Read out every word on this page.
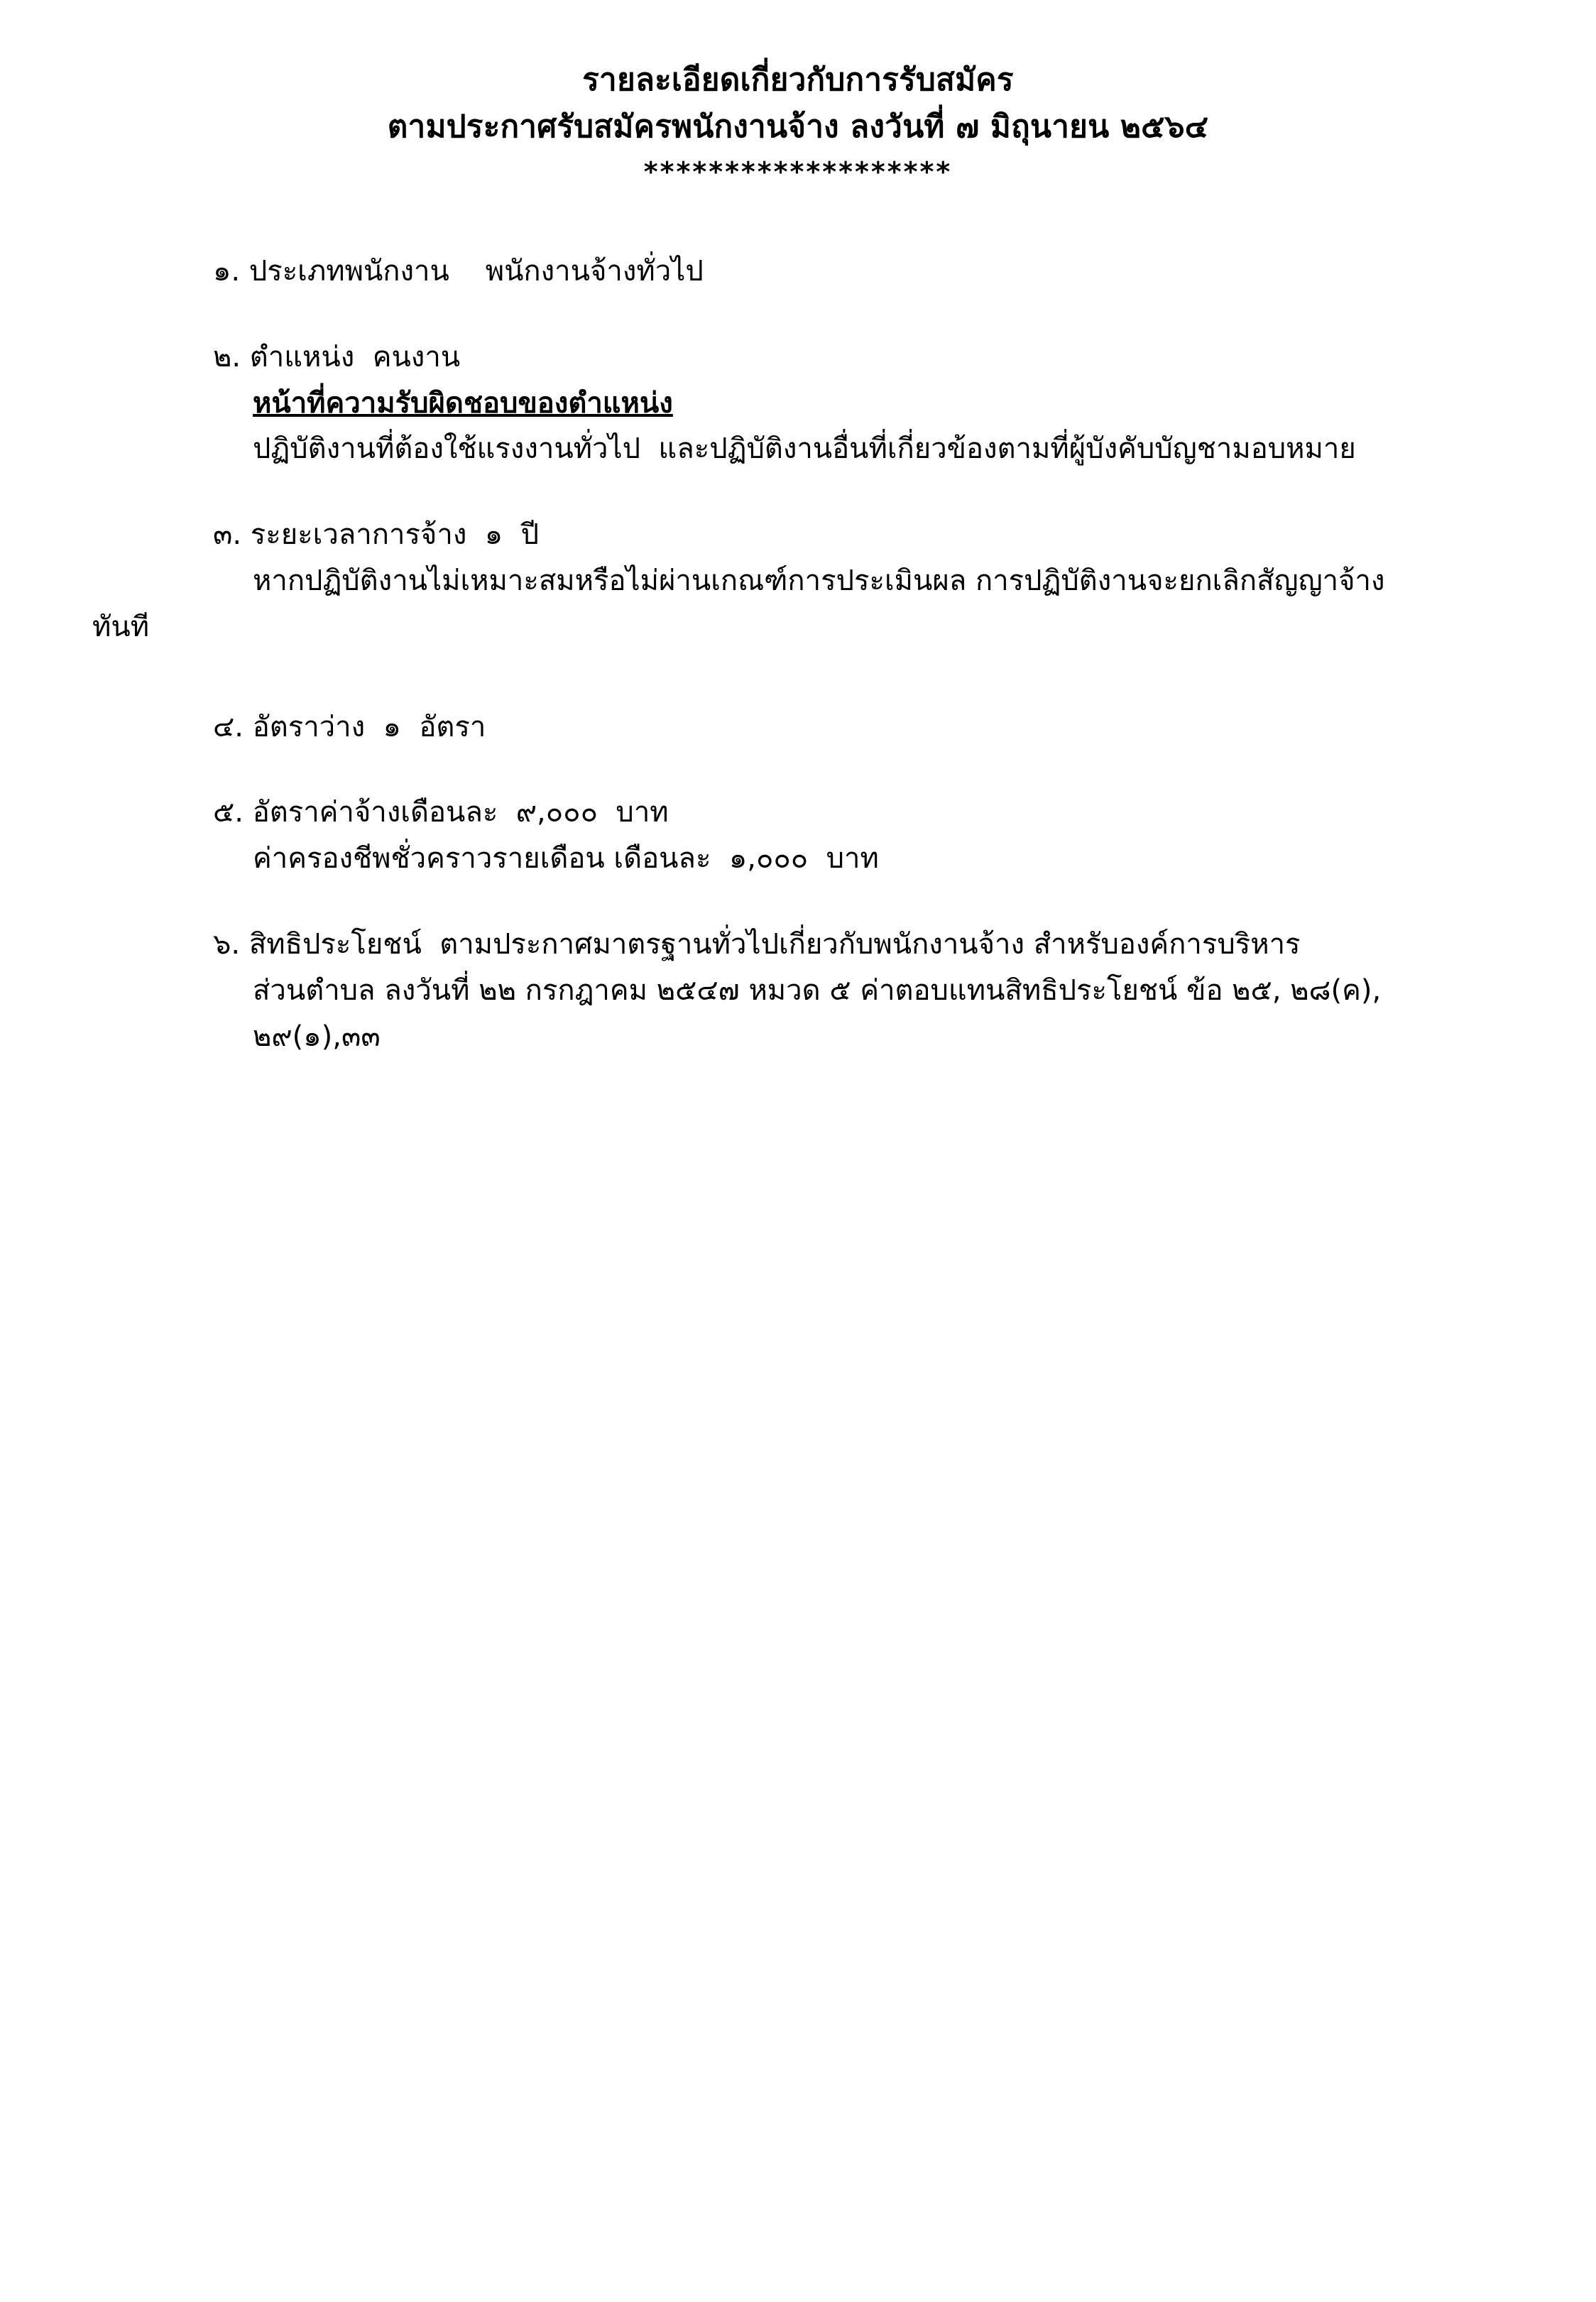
รายละเอียดเกี่ยวกับการรับสมัคร
ตามประกาศรับสมัครพนักงานจ้าง ลงวันที่ ๗ มิถุนายน ๒๕๖๔
*******************
๑. ประเภทพนักงาน    พนักงานจ้างทั่วไป
๒. ตำแหน่ง  คนงาน
หน้าที่ความรับผิดชอบของตำแหน่ง
ปฏิบัติงานที่ต้องใช้แรงงานทั่วไป  และปฏิบัติงานอื่นที่เกี่ยวข้องตามที่ผู้บังคับบัญชามอบหมาย
๓. ระยะเวลาการจ้าง  ๑  ปี
หากปฏิบัติงานไม่เหมาะสมหรือไม่ผ่านเกณฑ์การประเมินผล การปฏิบัติงานจะยกเลิกสัญญาจ้าง
ทันที
๔. อัตราว่าง  ๑  อัตรา
๕. อัตราค่าจ้างเดือนละ  ๙,๐๐๐  บาท
ค่าครองชีพชั่วคราวรายเดือน เดือนละ  ๑,๐๐๐  บาท
๖. สิทธิประโยชน์  ตามประกาศมาตรฐานทั่วไปเกี่ยวกับพนักงานจ้าง สำหรับองค์การบริหาร
ส่วนตำบล ลงวันที่ ๒๒ กรกฎาคม ๒๕๔๗ หมวด ๕ ค่าตอบแทนสิทธิประโยชน์ ข้อ ๒๕, ๒๘(ค),
๒๙(๑),๓๓
